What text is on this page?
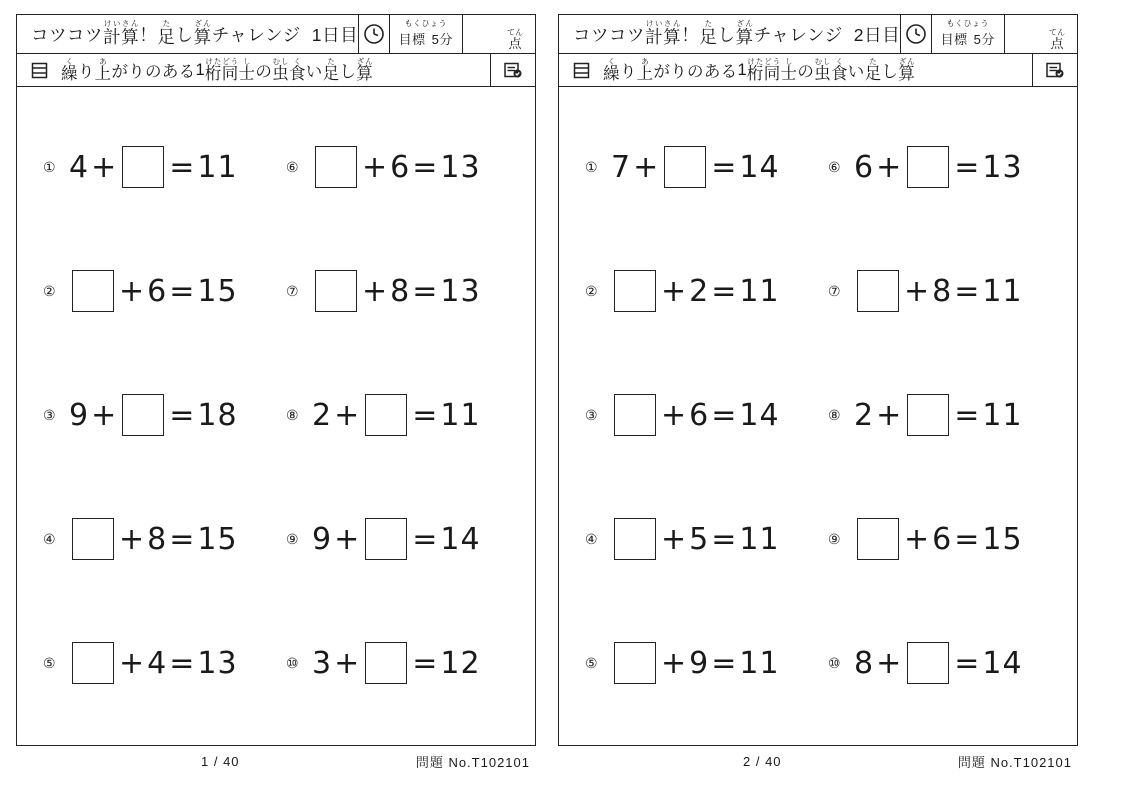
コツコツ 計算けいさん
！ 足た
し 算ざん
チャレンジ
1日目
もくひょう
目標 5分	てん
点
繰く
り 上あ
がりのある 1 桁けた
同どう
士し
の 虫むし
食く
い 足た
し 算ざん
① 4 + = 11	⑥	+ 6 = 13
②	+ 6 = 15	⑦	+ 8 = 13
③ 9 + = 18	⑧ 2 + = 11
④	+ 8 = 15	⑨ 9 + = 14
⑤	+ 4 = 13	⑩ 3 + = 12
1 / 40	問題 No.T102101
コツコツ 計算けいさん
！ 足た
し 算ざん
チャレンジ
2日目
もくひょう
目標 5分	てん
点
繰く
り 上あ
がりのある 1 桁けた
同どう
士し
の 虫むし
食く
い 足た
し 算ざん
① 7 + = 14	⑥ 6 + = 13
②	+ 2 = 11	⑦	+ 8 = 11
③	+ 6 = 14	⑧ 2 + = 11
④	+ 5 = 11	⑨	+ 6 = 15
⑤	+ 9 = 11	⑩ 8 + = 14
2 / 40	問題 No.T102101
